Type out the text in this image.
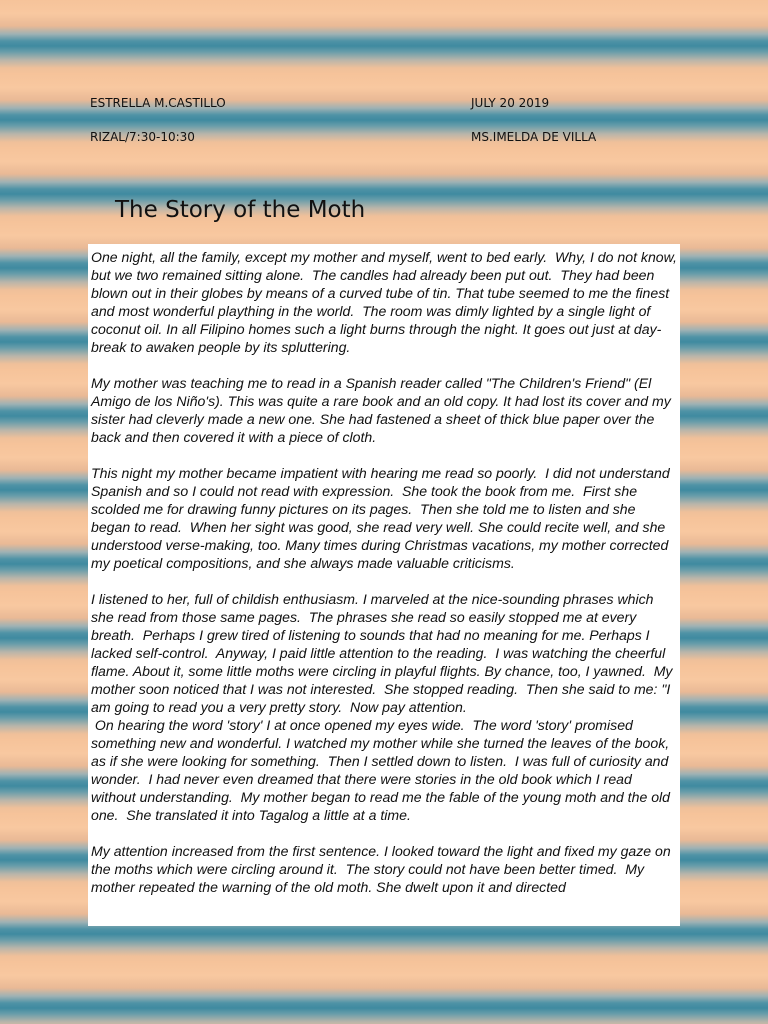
ESTRELLA M.CASTILLO	JULY 20 2019
RIZAL/7:30-10:30	MS.IMELDA DE VILLA
The Story of the Moth

One night, all the family, except my mother and myself, went to bed early.  Why, I do not know, but we two remained sitting alone.  The candles had already been put out.  They had been blown out in their globes by means of a curved tube of tin. That tube seemed to me the finest and most wonderful plaything in the world.  The room was dimly lighted by a single light of coconut oil. In all Filipino homes such a light burns through the night. It goes out just at day-break to awaken people by its spluttering.

My mother was teaching me to read in a Spanish reader called "The Children's Friend" (El Amigo de los Niño's). This was quite a rare book and an old copy. It had lost its cover and my sister had cleverly made a new one. She had fastened a sheet of thick blue paper over the back and then covered it with a piece of cloth.

This night my mother became impatient with hearing me read so poorly.  I did not understand Spanish and so I could not read with expression.  She took the book from me.  First she scolded me for drawing funny pictures on its pages.  Then she told me to listen and she began to read.  When her sight was good, she read very well. She could recite well, and she understood verse-making, too. Many times during Christmas vacations, my mother corrected my poetical compositions, and she always made valuable criticisms.

I listened to her, full of childish enthusiasm. I marveled at the nice-sounding phrases which she read from those same pages.  The phrases she read so easily stopped me at every breath.  Perhaps I grew tired of listening to sounds that had no meaning for me. Perhaps I lacked self-control.  Anyway, I paid little attention to the reading.  I was watching the cheerful flame. About it, some little moths were circling in playful flights. By chance, too, I yawned.  My mother soon noticed that I was not interested.  She stopped reading.  Then she said to me: "I am going to read you a very pretty story.  Now pay attention.

On hearing the word 'story' I at once opened my eyes wide.  The word 'story' promised something new and wonderful. I watched my mother while she turned the leaves of the book, as if she were looking for something.  Then I settled down to listen.  I was full of curiosity and wonder.  I had never even dreamed that there were stories in the old book which I read without understanding.  My mother began to read me the fable of the young moth and the old one.  She translated it into Tagalog a little at a time.

My attention increased from the first sentence. I looked toward the light and fixed my gaze on the moths which were circling around it.  The story could not have been better timed.  My mother repeated the warning of the old moth. She dwelt upon it and directed
